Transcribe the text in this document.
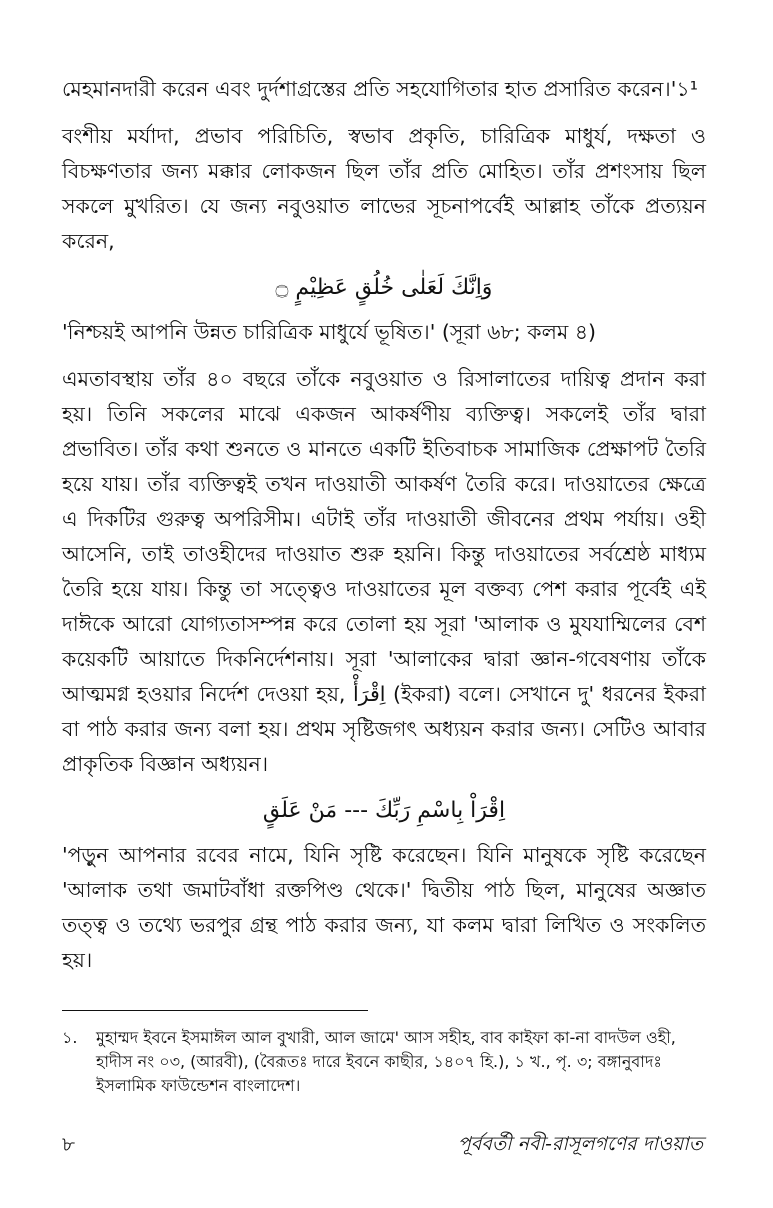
মেহমানদারী করেন এবং দুর্দশাগ্রস্তের প্রতি সহযোগিতার হাত প্রসারিত করেন।'১¹

বংশীয় মর্যাদা, প্রভাব পরিচিতি, স্বভাব প্রকৃতি, চারিত্রিক মাধুর্য, দক্ষতা ও বিচক্ষণতার জন্য মক্কার লোকজন ছিল তাঁর প্রতি মোহিত। তাঁর প্রশংসায় ছিল সকলে মুখরিত। যে জন্য নবুওয়াত লাভের সূচনাপর্বেই আল্লাহ তাঁকে প্রত্যয়ন করেন,

وَاِنَّكَ لَعَلٰى خُلُقٍ عَظِيْمٍ ۝

'নিশ্চয়ই আপনি উন্নত চারিত্রিক মাধুর্যে ভূষিত।' (সূরা ৬৮; কলম ৪)

এমতাবস্থায় তাঁর ৪০ বছরে তাঁকে নবুওয়াত ও রিসালাতের দায়িত্ব প্রদান করা হয়। তিনি সকলের মাঝে একজন আকর্ষণীয় ব্যক্তিত্ব। সকলেই তাঁর দ্বারা প্রভাবিত। তাঁর কথা শুনতে ও মানতে একটি ইতিবাচক সামাজিক প্রেক্ষাপট তৈরি হয়ে যায়। তাঁর ব্যক্তিত্বই তখন দাওয়াতী আকর্ষণ তৈরি করে। দাওয়াতের ক্ষেত্রে এ দিকটির গুরুত্ব অপরিসীম। এটাই তাঁর দাওয়াতী জীবনের প্রথম পর্যায়। ওহী আসেনি, তাই তাওহীদের দাওয়াত শুরু হয়নি। কিন্তু দাওয়াতের সর্বশ্রেষ্ঠ মাধ্যম তৈরি হয়ে যায়। কিন্তু তা সত্ত্বেও দাওয়াতের মূল বক্তব্য পেশ করার পূর্বেই এই দাঈকে আরো যোগ্যতাসম্পন্ন করে তোলা হয় সূরা 'আলাক ও মুযযাম্মিলের বেশ কয়েকটি আয়াতে দিকনির্দেশনায়। সূরা 'আলাকের দ্বারা জ্ঞান-গবেষণায় তাঁকে আত্মমগ্ন হওয়ার নির্দেশ দেওয়া হয়, اِقْرَأْ (ইকরা) বলে। সেখানে দু' ধরনের ইকরা বা পাঠ করার জন্য বলা হয়। প্রথম সৃষ্টিজগৎ অধ্যয়ন করার জন্য। সেটিও আবার প্রাকৃতিক বিজ্ঞান অধ্যয়ন।

اِقْرَاْ بِاسْمِ رَبِّكَ --- مَنْ عَلَقٍ

'পড়ুন আপনার রবের নামে, যিনি সৃষ্টি করেছেন। যিনি মানুষকে সৃষ্টি করেছেন 'আলাক তথা জমাটবাঁধা রক্তপিণ্ড থেকে।' দ্বিতীয় পাঠ ছিল, মানুষের অজ্ঞাত তত্ত্ব ও তথ্যে ভরপুর গ্রন্থ পাঠ করার জন্য, যা কলম দ্বারা লিখিত ও সংকলিত হয়।

১. মুহাম্মদ ইবনে ইসমাঈল আল বুখারী, আল জামে' আস সহীহ, বাব কাইফা কা-না বাদউল ওহী, হাদীস নং ০৩, (আরবী), (বৈরূতঃ দারে ইবনে কাছীর, ১৪০৭ হি.), ১ খ., পৃ. ৩; বঙ্গানুবাদঃ ইসলামিক ফাউন্ডেশন বাংলাদেশ।
৮	পূর্ববর্তী নবী-রাসূলগণের দাওয়াত
